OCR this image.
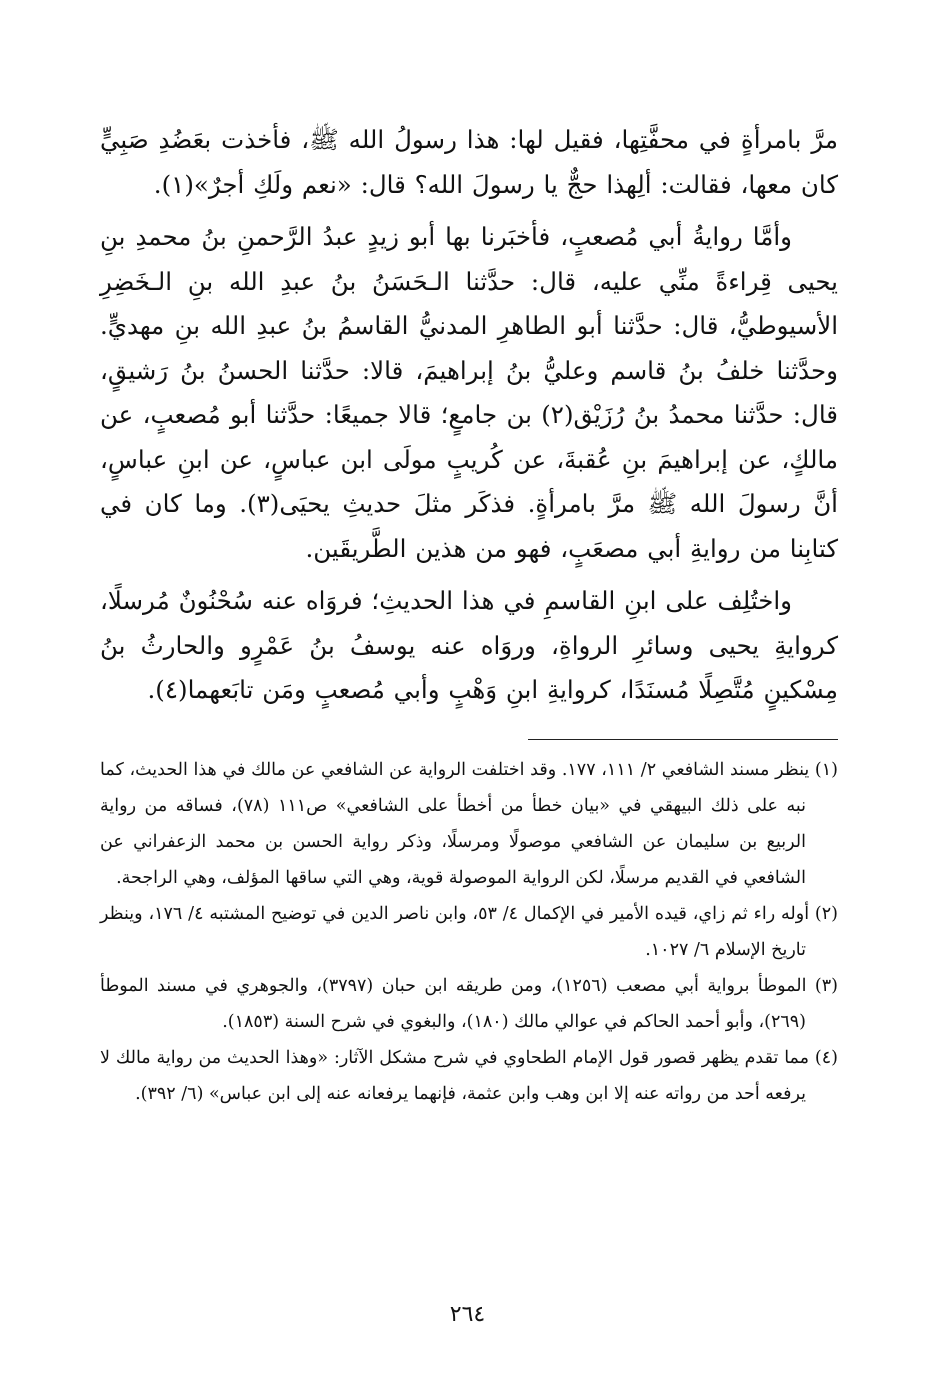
مرَّ بامرأةٍ في محفَّتِها، فقيل لها: هذا رسولُ الله ﷺ، فأخذت بعَضُدِ صَبِيٍّ كان معها، فقالت: ألِهذا حجٌّ يا رسولَ الله؟ قال: «نعم ولَكِ أجرٌ»(١).

وأمَّا روايةُ أبي مُصعبٍ، فأخبَرنا بها أبو زيدٍ عبدُ الرَّحمنِ بنُ محمدِ بنِ يحيى قِراءةً منِّي عليه، قال: حدَّثنا الـحَسَنُ بنُ عبدِ الله بنِ الـخَضِرِ الأسيوطيُّ، قال: حدَّثنا أبو الطاهرِ المدنيُّ القاسمُ بنُ عبدِ الله بنِ مهديٍّ. وحدَّثنا خلفُ بنُ قاسم وعليُّ بنُ إبراهيمَ، قالا: حدَّثنا الحسنُ بنُ رَشيقٍ، قال: حدَّثنا محمدُ بنُ رُزَيْق(٢) بن جامعٍ؛ قالا جميعًا: حدَّثنا أبو مُصعبٍ، عن مالكٍ، عن إبراهيمَ بنِ عُقبةَ، عن كُريبٍ مولَى ابن عباسٍ، عن ابنِ عباسٍ، أنَّ رسولَ الله ﷺ مرَّ بامرأةٍ. فذكَر مثلَ حديثِ يحيَى(٣). وما كان في كتابِنا من روايةِ أبي مصعَبٍ، فهو من هذين الطَّريقَين.

واختُلِف على ابنِ القاسمِ في هذا الحديثِ؛ فروَاه عنه سُحْنُونٌ مُرسلًا، كروايةِ يحيى وسائرِ الرواةِ، وروَاه عنه يوسفُ بنُ عَمْرٍو والحارثُ بنُ مِسْكينٍ مُتَّصِلًا مُسنَدًا، كروايةِ ابنِ وَهْبٍ وأبي مُصعبٍ ومَن تابَعهما(٤).

(١) ينظر مسند الشافعي ٢/ ١١١، ١٧٧. وقد اختلفت الرواية عن الشافعي عن مالك في هذا الحديث، كما نبه على ذلك البيهقي في «بيان خطأ من أخطأ على الشافعي» ص١١١ (٧٨)، فساقه من رواية الربيع بن سليمان عن الشافعي موصولًا ومرسلًا، وذكر رواية الحسن بن محمد الزعفراني عن الشافعي في القديم مرسلًا، لكن الرواية الموصولة قوية، وهي التي ساقها المؤلف، وهي الراجحة.

(٢) أوله راء ثم زاي، قيده الأمير في الإكمال ٤/ ٥٣، وابن ناصر الدين في توضيح المشتبه ٤/ ١٧٦، وينظر تاريخ الإسلام ٦/ ١٠٢٧.

(٣) الموطأ برواية أبي مصعب (١٢٥٦)، ومن طريقه ابن حبان (٣٧٩٧)، والجوهري في مسند الموطأ (٢٦٩)، وأبو أحمد الحاكم في عوالي مالك (١٨٠)، والبغوي في شرح السنة (١٨٥٣).

(٤) مما تقدم يظهر قصور قول الإمام الطحاوي في شرح مشكل الآثار: «وهذا الحديث من رواية مالك لا يرفعه أحد من رواته عنه إلا ابن وهب وابن عثمة، فإنهما يرفعانه عنه إلى ابن عباس» (٦/ ٣٩٢).

٢٦٤
